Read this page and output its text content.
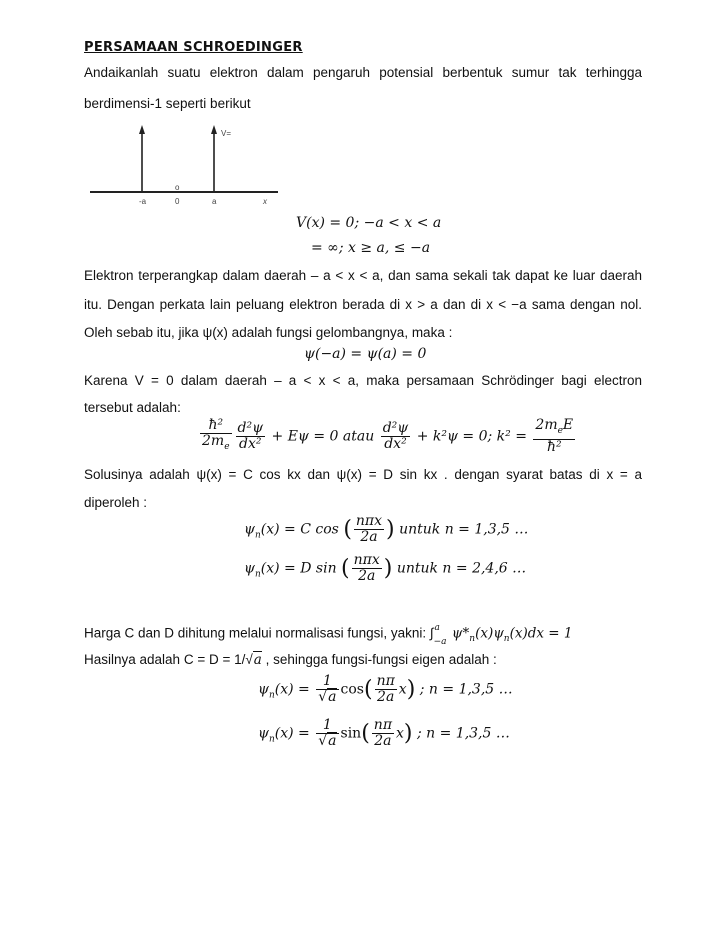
PERSAMAAN SCHROEDINGER
Andaikanlah suatu elektron dalam pengaruh potensial berbentuk sumur tak terhingga
berdimensi-1 seperti berikut
V=
o
-a	0	a	x
V(x) = 0; −a < x < a
= ∞; x ≥ a, ≤ −a
Elektron terperangkap dalam daerah – a < x < a, dan sama sekali tak dapat ke luar daerah
itu. Dengan perkata lain peluang elektron berada di x > a dan di x < −a sama dengan nol.
Oleh sebab itu, jika ψ(x) adalah fungsi gelombangnya, maka :
ψ(−a) = ψ(a) = 0
Karena V = 0 dalam daerah – a < x < a, maka persamaan Schrödinger bagi electron
tersebut adalah:
$\frac{\text{ħ²}}{2m_e} \frac{\text{d²ψ}}{\text{dx²}} + E\psi = 0$ atau $\frac{\text{d²ψ}}{\text{dx²}} + k^2\psi = 0$; $k^2 = \frac{2m_eE}{\text{ħ²}}$
Solusinya adalah ψ(x) = C cos kx dan ψ(x) = D sin kx . dengan syarat batas di x = a
diperoleh :
$\psi_n(x) = C$ cos ( $\frac{\text{nπx}}{2a}$ ) untuk n = 1,3,5 …
$\psi_n(x) = D$ sin ( $\frac{\text{nπx}}{2a}$ ) untuk n = 2,4,6 …
Harga C dan D dihitung melalui normalisasi fungsi, yakni: $\int_{-a}^a$ $\psi*_n(x)\psi_n(x)dx = 1$
Hasilnya adalah C = D = 1/√a , sehingga fungsi-fungsi eigen adalah :
$\psi_n(x) = \frac{1}{√a} \cos( \frac{n\pi}{2a} x)$ ; n = 1,3,5 …
$\psi_n(x) = \frac{1}{√a} \sin( \frac{n\pi}{2a} x)$ ; n = 1,3,5 …
